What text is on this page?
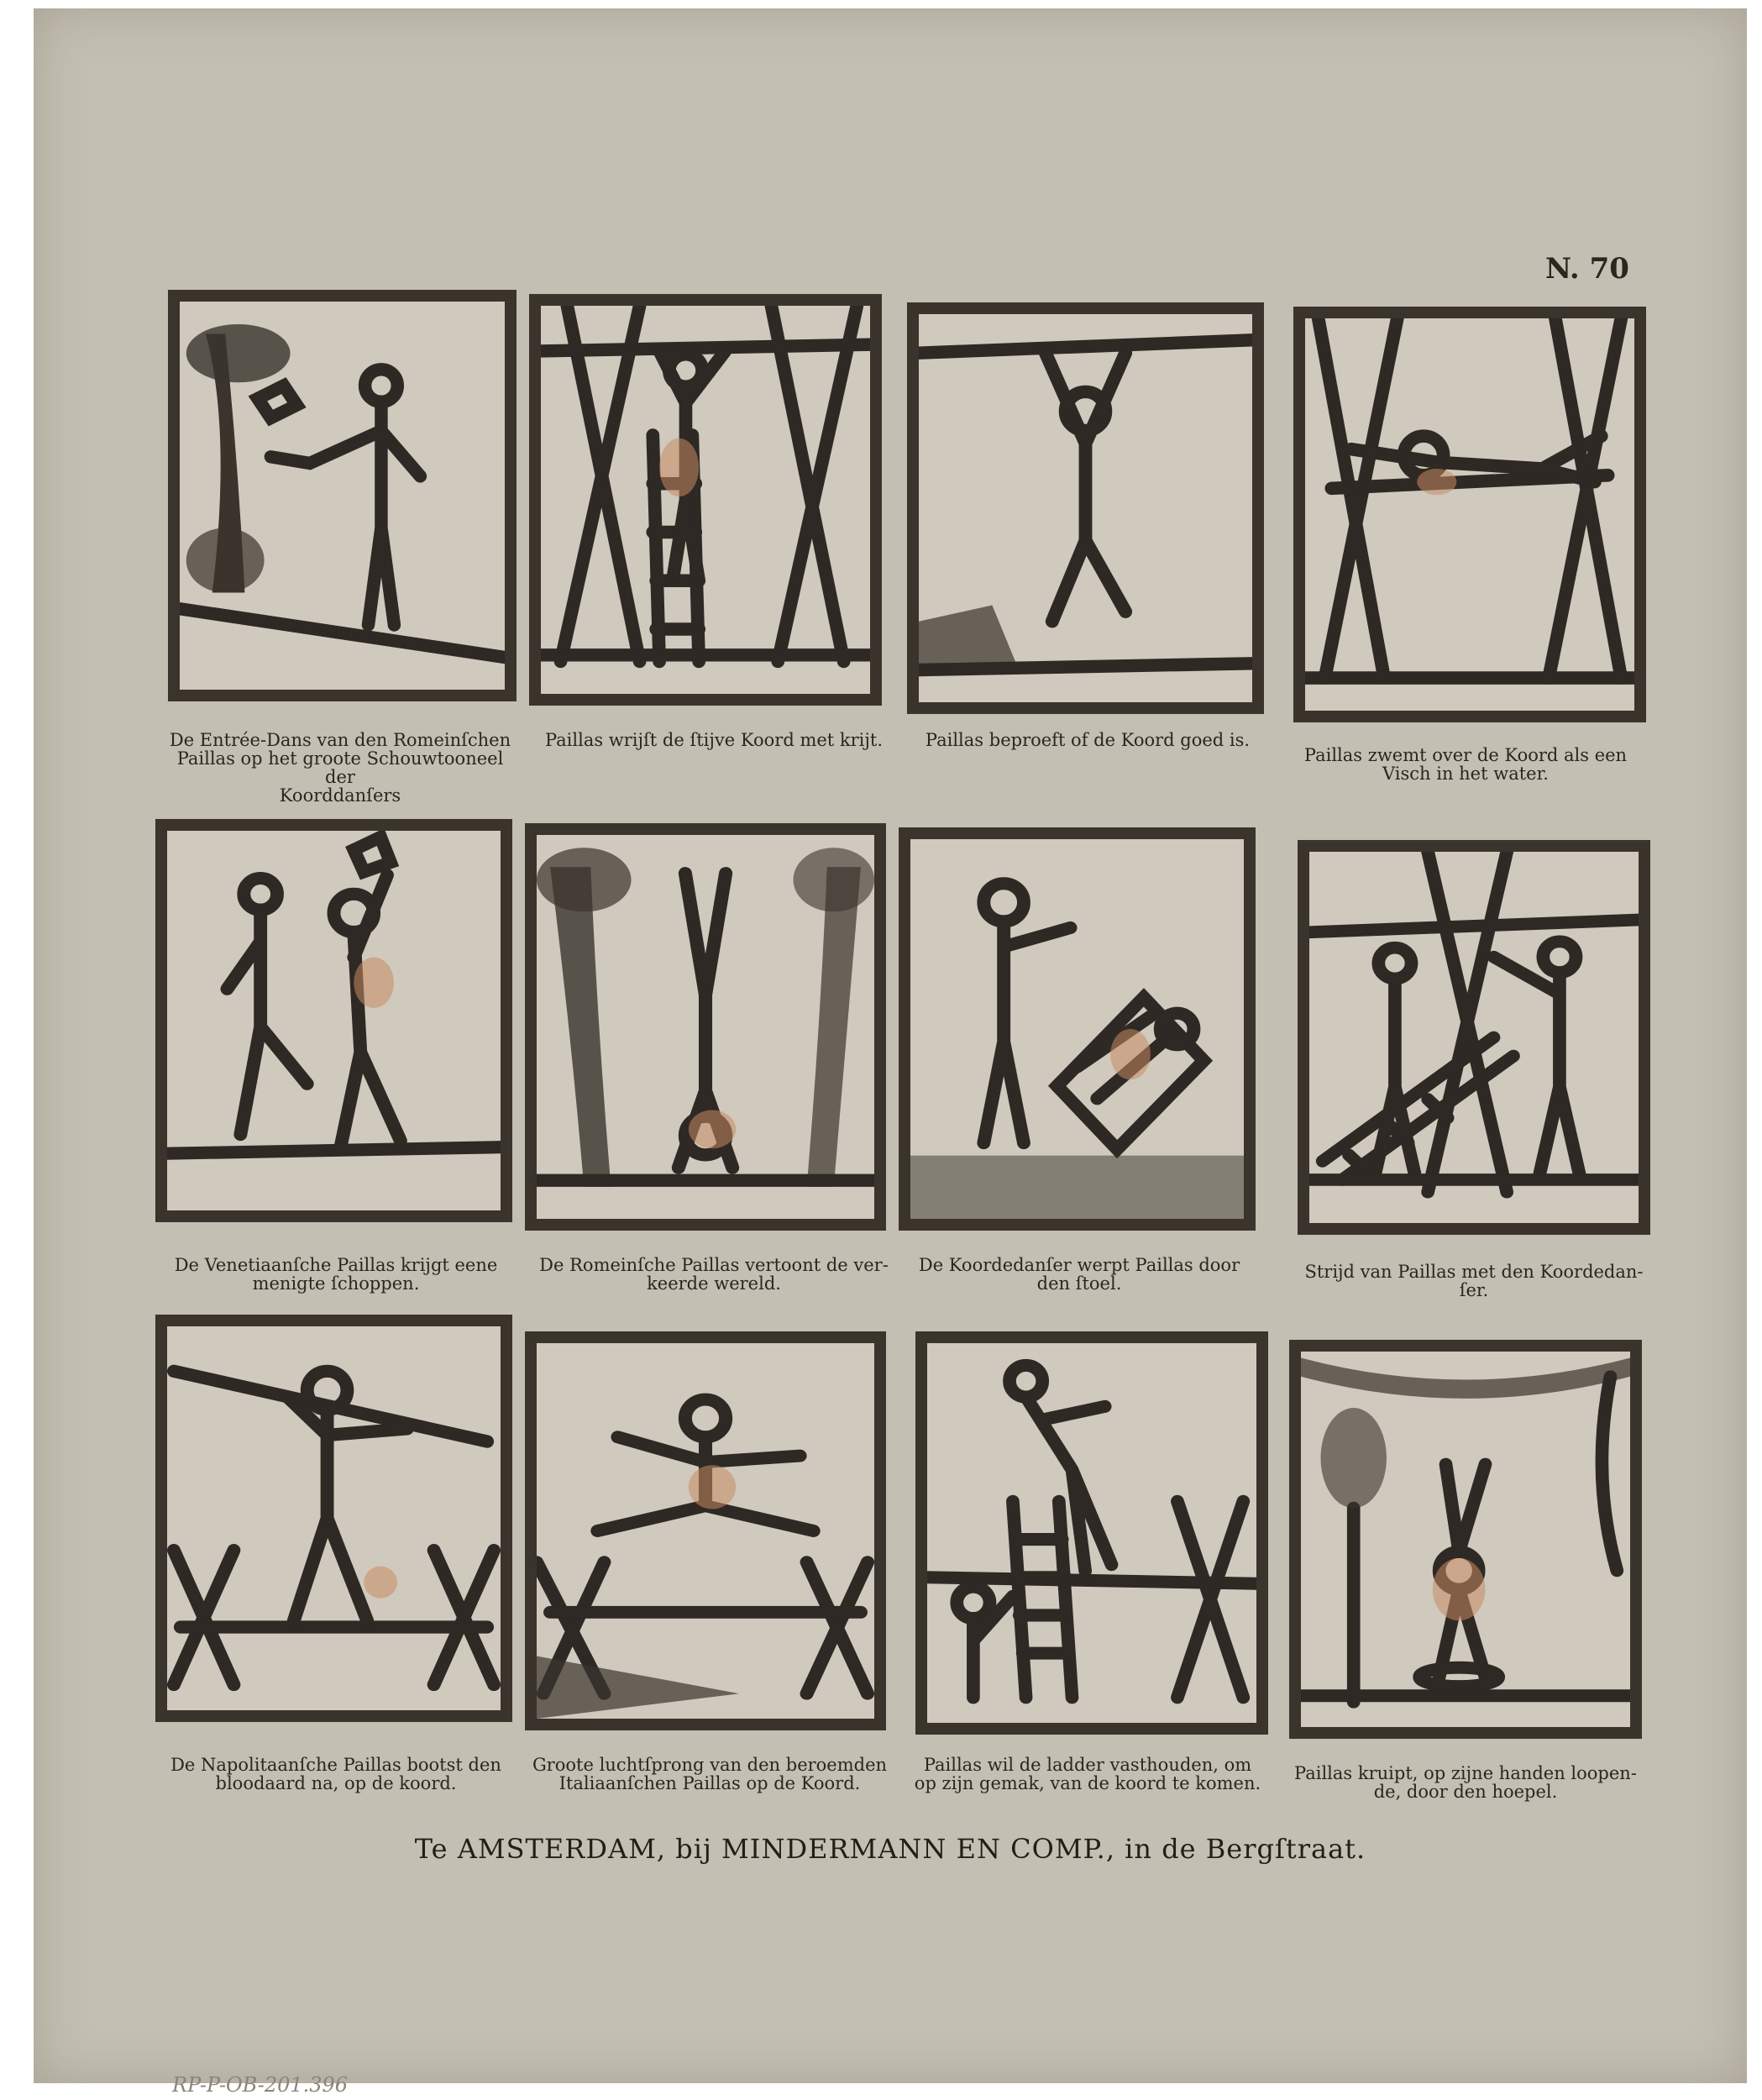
N. 70
De Entrée-Dans van den Romeinſchen
Paillas op het groote Schouwtooneel der
Koorddanſers
Paillas wrijſt de ſtijve Koord met krijt.	Paillas beproeft of de Koord goed is.
Paillas zwemt over de Koord als een
Visch in het water.
De Venetiaanſche Paillas krijgt eene
menigte ſchoppen.
De Romeinſche Paillas vertoont de ver-
keerde wereld.
De Koordedanſer werpt Paillas door
den ſtoel.
Strijd van Paillas met den Koordedan-
ſer.
De Napolitaanſche Paillas bootst den
bloodaard na, op de koord.
Groote luchtſprong van den beroemden
Italiaanſchen Paillas op de Koord.
Paillas wil de ladder vasthouden, om
op zijn gemak, van de koord te komen.	Paillas kruipt, op zijne handen loopen-
de, door den hoepel.
Te AMSTERDAM, bij MINDERMANN EN COMP., in de Bergſtraat.
RP-P-OB-201.396
